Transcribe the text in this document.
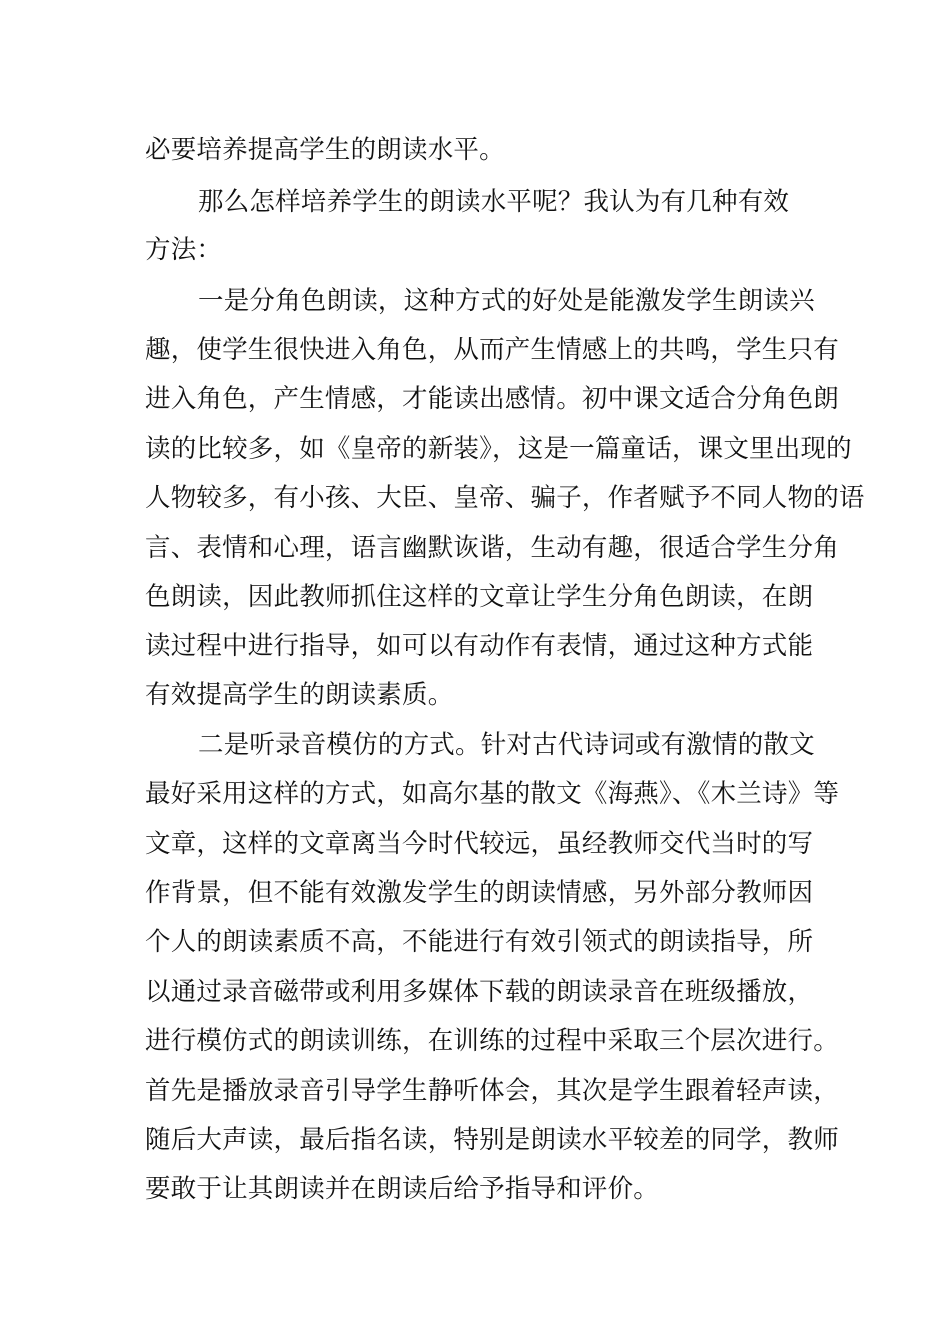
必要培养提高学生的朗读水平。
那么怎样培养学生的朗读水平呢？我认为有几种有效
方法：
一是分角色朗读，这种方式的好处是能激发学生朗读兴
趣，使学生很快进入角色，从而产生情感上的共鸣，学生只有
进入角色，产生情感，才能读出感情。初中课文适合分角色朗
读的比较多，如《皇帝的新装》，这是一篇童话，课文里出现的
人物较多，有小孩、大臣、皇帝、骗子，作者赋予不同人物的语
言、表情和心理，语言幽默诙谐，生动有趣，很适合学生分角
色朗读，因此教师抓住这样的文章让学生分角色朗读，在朗
读过程中进行指导，如可以有动作有表情，通过这种方式能
有效提高学生的朗读素质。
二是听录音模仿的方式。针对古代诗词或有激情的散文
最好采用这样的方式，如高尔基的散文《海燕》、《木兰诗》等
文章，这样的文章离当今时代较远，虽经教师交代当时的写
作背景，但不能有效激发学生的朗读情感，另外部分教师因
个人的朗读素质不高，不能进行有效引领式的朗读指导，所
以通过录音磁带或利用多媒体下载的朗读录音在班级播放，
进行模仿式的朗读训练，在训练的过程中采取三个层次进行。
首先是播放录音引导学生静听体会，其次是学生跟着轻声读，
随后大声读，最后指名读，特别是朗读水平较差的同学，教师
要敢于让其朗读并在朗读后给予指导和评价。
